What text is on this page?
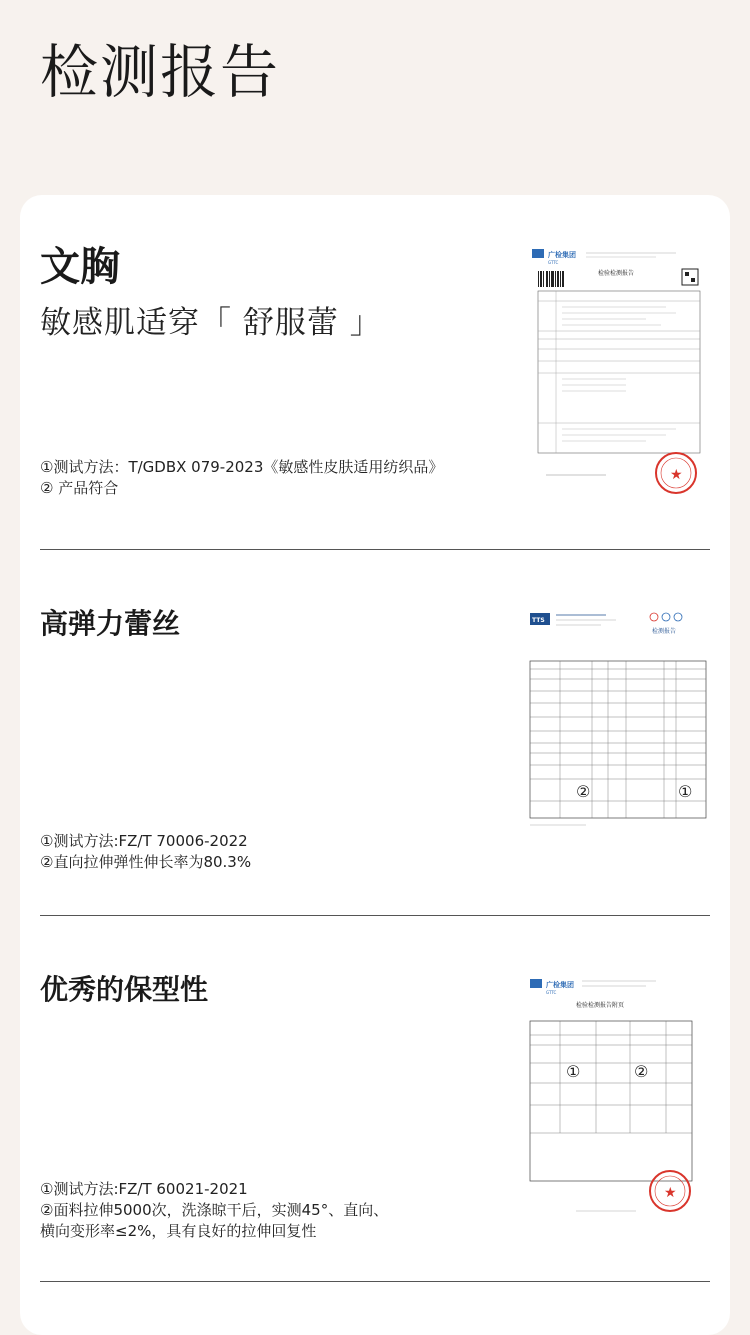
检测报告
文胸
敏感肌适穿「 舒服蕾 」
①测试方法：T/GDBX 079-2023《敏感性皮肤适用纺织品》
② 产品符合
广检集团
GTTC
检验检测报告
★
高弹力蕾丝
①测试方法:FZ/T 70006-2022
②直向拉伸弹性伸长率为80.3%
TTS
检测报告
②	①
优秀的保型性
①测试方法:FZ/T 60021-2021
②面料拉伸5000次，洗涤晾干后，实测45°、直向、
横向变形率≤2%，具有良好的拉伸回复性
广检集团
GTTC
检验检测报告附页
①	②
★
